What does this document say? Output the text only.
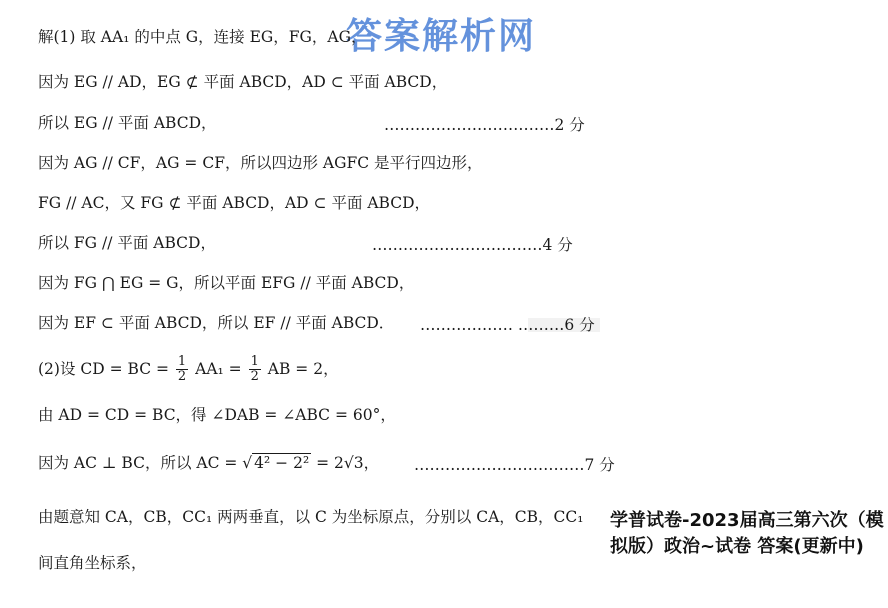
答案解析网
解(1) 取 AA₁ 的中点 G，连接 EG，FG，AG，
因为 EG // AD，EG ⊄ 平面 ABCD，AD ⊂ 平面 ABCD，
所以 EG // 平面 ABCD，	……………………………2 分
因为 AG // CF，AG = CF，所以四边形 AGFC 是平行四边形，
FG // AC，又 FG ⊄ 平面 ABCD，AD ⊂ 平面 ABCD，
所以 FG // 平面 ABCD，	……………………………4 分
因为 FG ⋂ EG = G，所以平面 EFG // 平面 ABCD，
因为 EF ⊂ 平面 ABCD，所以 EF // 平面 ABCD． ……………… ………6 分
(2)设 CD = BC = $\frac{1}{2} AA_1 = \frac{1}{2}$ AB = 2，
由 AD = CD = BC，得 ∠DAB = ∠ABC = 60°，
因为 AC ⊥ BC，所以 AC = √ 4² − 2² = 2√3， ……………………………7 分
由题意知 CA，CB，CC₁ 两两垂直，以 C 为坐标原点，分别以 CA，CB，CC₁
间直角坐标系，
学普试卷-2023届高三第六次（模拟版）政治~试卷 答案(更新中)
